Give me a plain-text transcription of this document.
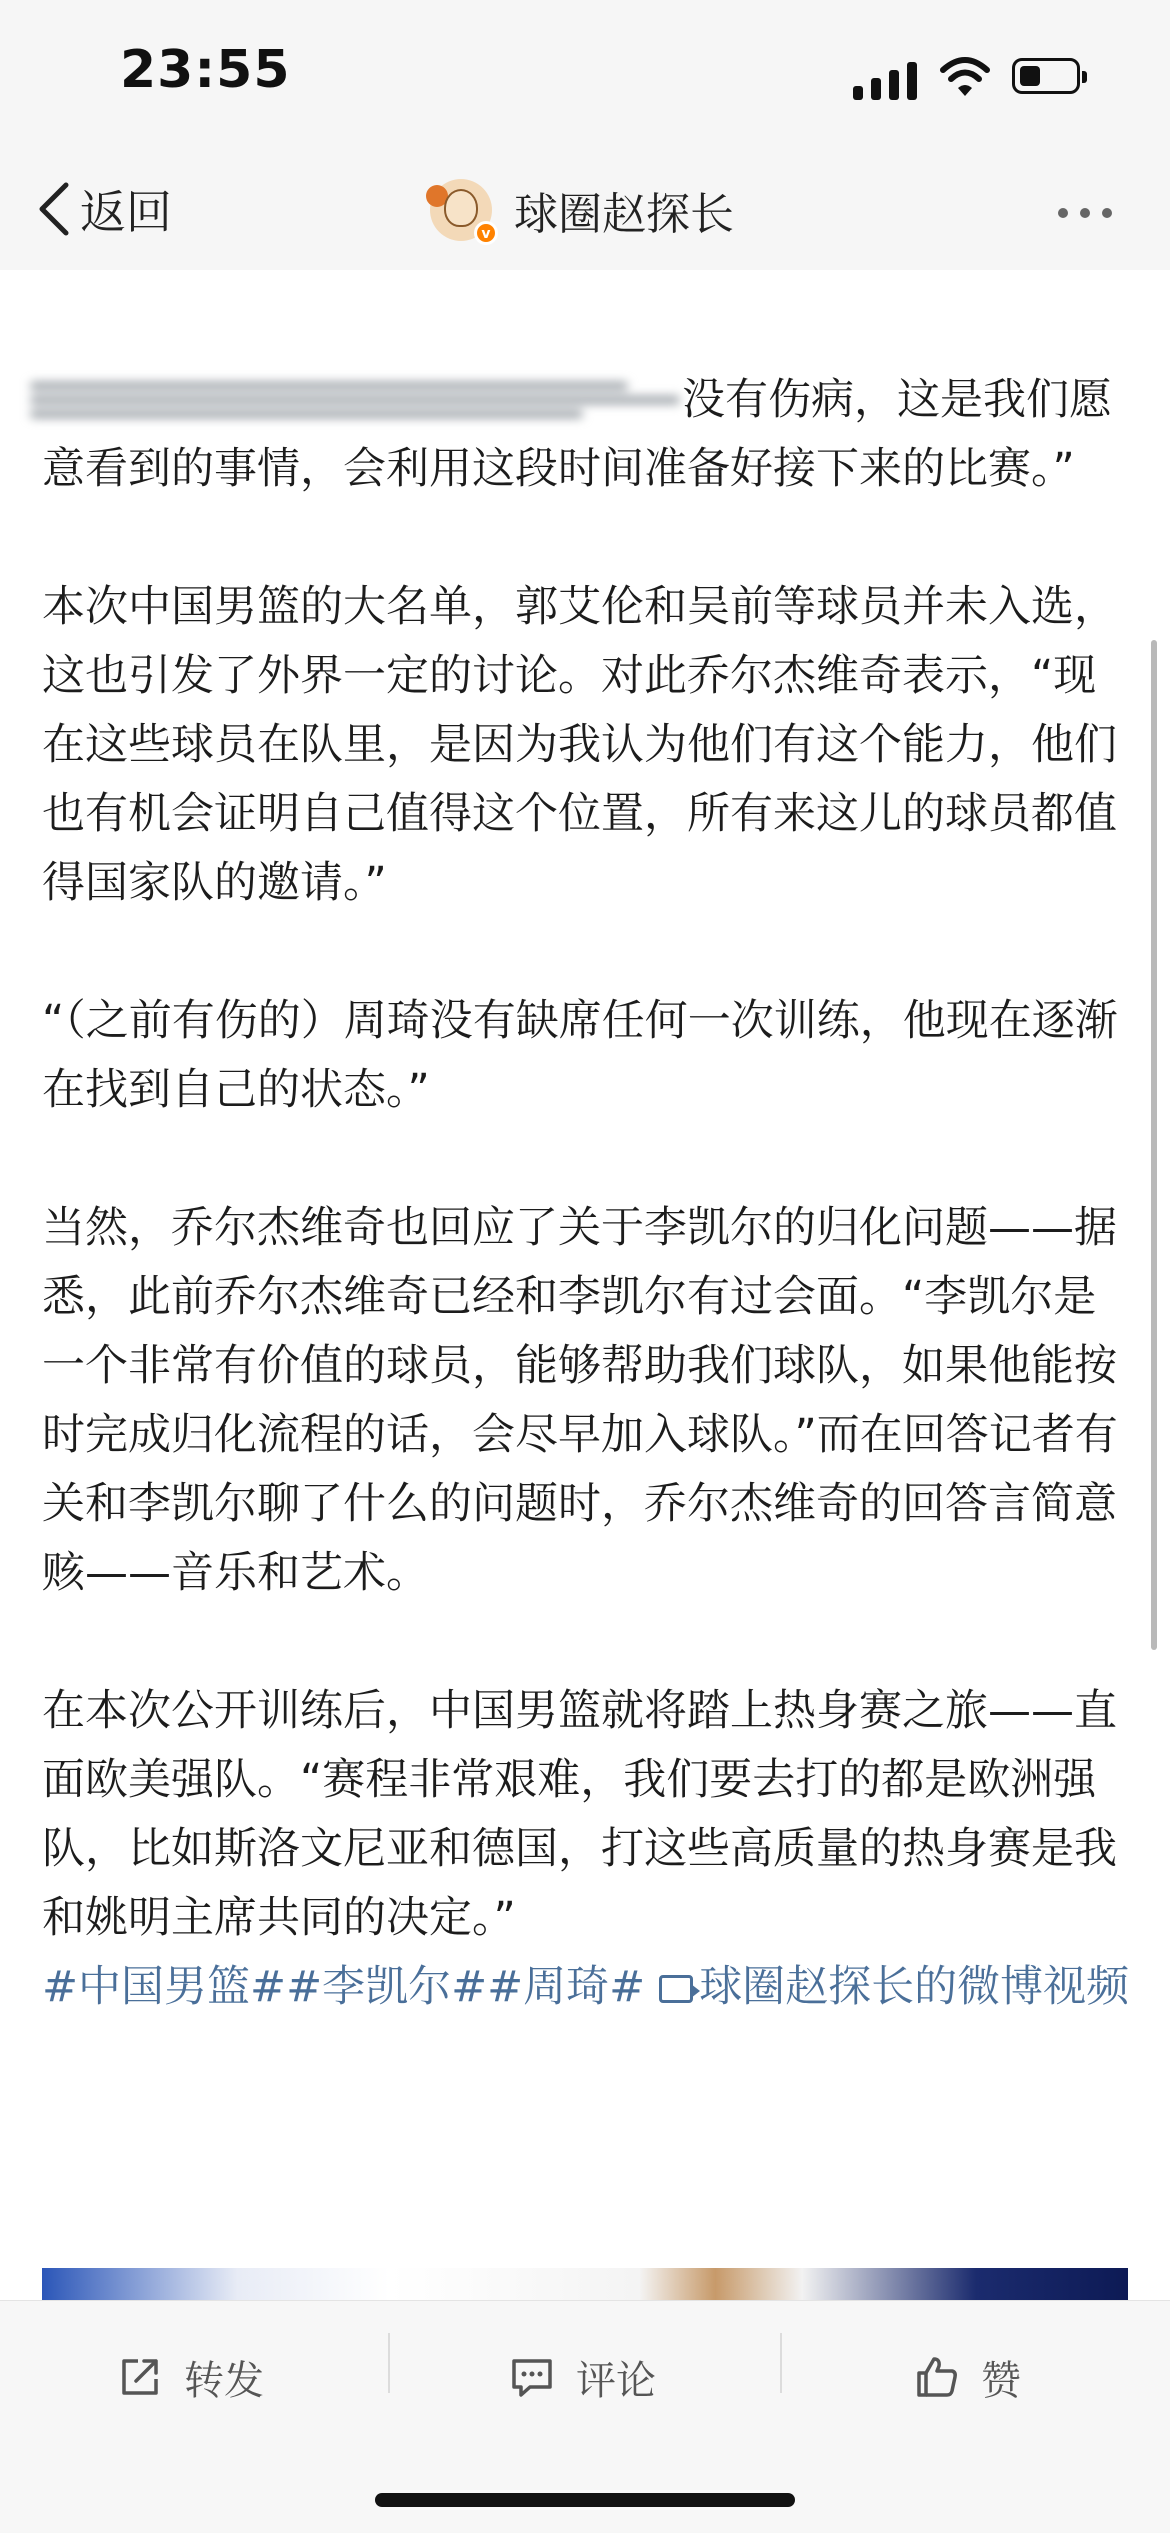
23:55
返回	v 球圈赵探长

没有伤病，这是我们愿意看到的事情，会利用这段时间准备好接下来的比赛。”

本次中国男篮的大名单，郭艾伦和吴前等球员并未入选，这也引发了外界一定的讨论。对此乔尔杰维奇表示，“现在这些球员在队里，是因为我认为他们有这个能力，他们也有机会证明自己值得这个位置，所有来这儿的球员都值得国家队的邀请。”

“（之前有伤的）周琦没有缺席任何一次训练，他现在逐渐在找到自己的状态。”

当然，乔尔杰维奇也回应了关于李凯尔的归化问题——据悉，此前乔尔杰维奇已经和李凯尔有过会面。“李凯尔是一个非常有价值的球员，能够帮助我们球队，如果他能按时完成归化流程的话，会尽早加入球队。”而在回答记者有关和李凯尔聊了什么的问题时，乔尔杰维奇的回答言简意赅——音乐和艺术。

在本次公开训练后，中国男篮就将踏上热身赛之旅——直面欧美强队。“赛程非常艰难，我们要去打的都是欧洲强队，比如斯洛文尼亚和德国，打这些高质量的热身赛是我和姚明主席共同的决定。”

#中国男篮##李凯尔##周琦# 球圈赵探长的微博视频

转发	评论	赞
